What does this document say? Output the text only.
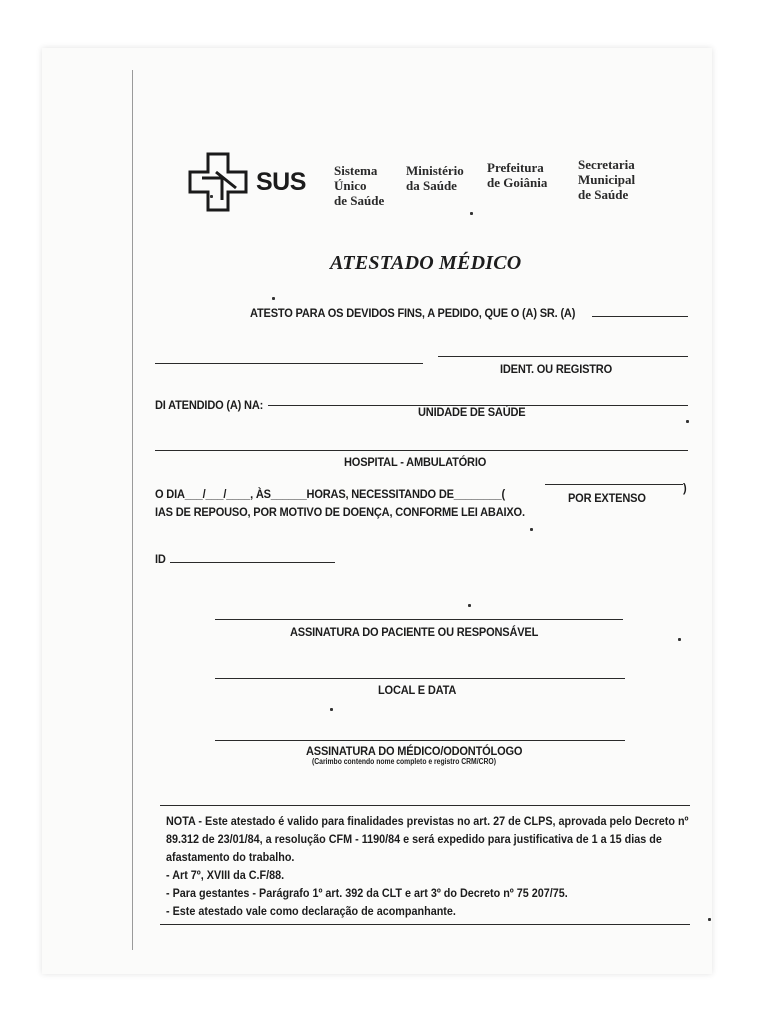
SUS Sistema
Único
de Saúde
Ministério
da Saúde
Prefeitura
de Goiânia
Secretaria
Municipal
de Saúde
ATESTADO MÉDICO
ATESTO PARA OS DEVIDOS FINS, A PEDIDO, QUE O (A) SR. (A)
IDENT. OU REGISTRO
DI ATENDIDO (A) NA:	UNIDADE DE SAÚDE
HOSPITAL - AMBULATÓRIO
O DIA___/___/____, ÀS______HORAS, NECESSITANDO DE________(	)
POR EXTENSO
IAS DE REPOUSO, POR MOTIVO DE DOENÇA, CONFORME LEI ABAIXO.
ID
ASSINATURA DO PACIENTE OU RESPONSÁVEL
LOCAL E DATA
ASSINATURA DO MÉDICO/ODONTÓLOGO
(Carimbo contendo nome completo e registro CRM/CRO)

NOTA - Este atestado é valido para finalidades previstas no art. 27 de CLPS, aprovada pelo Decreto nº

89.312 de 23/01/84, a resolução CFM - 1190/84 e será expedido para justificativa de 1 a 15 dias de

afastamento do trabalho.

- Art 7º, XVIII da C.F/88.

- Para gestantes - Parágrafo 1º art. 392 da CLT e art 3º do Decreto nº 75 207/75.

- Este atestado vale como declaração de acompanhante.
